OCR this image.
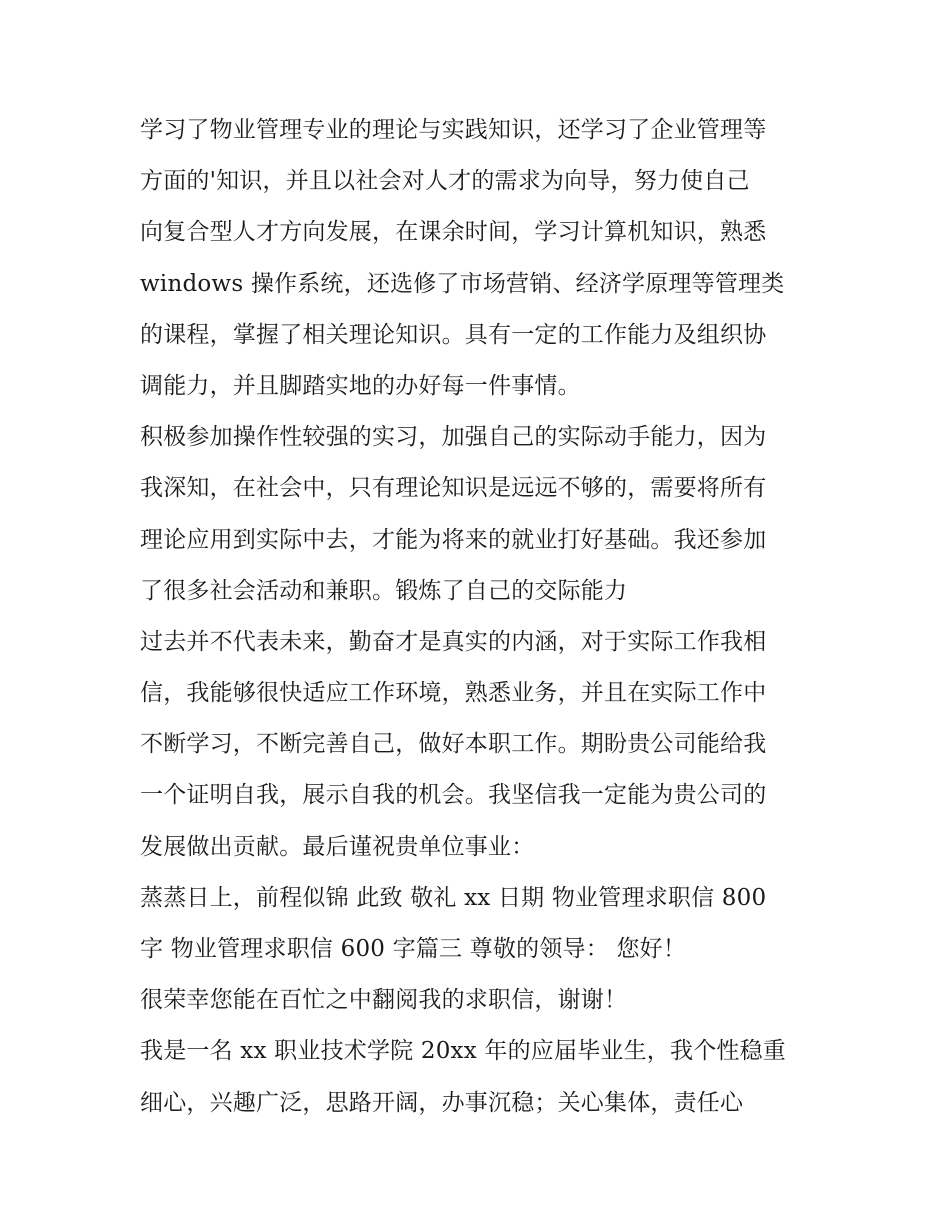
学习了物业管理专业的理论与实践知识，还学习了企业管理等
方面的'知识，并且以社会对人才的需求为向导，努力使自己
向复合型人才方向发展，在课余时间，学习计算机知识，熟悉
windows 操作系统，还选修了市场营销、经济学原理等管理类
的课程，掌握了相关理论知识。具有一定的工作能力及组织协
调能力，并且脚踏实地的办好每一件事情。
积极参加操作性较强的实习，加强自己的实际动手能力，因为
我深知，在社会中，只有理论知识是远远不够的，需要将所有
理论应用到实际中去，才能为将来的就业打好基础。我还参加
了很多社会活动和兼职。锻炼了自己的交际能力
过去并不代表未来，勤奋才是真实的内涵，对于实际工作我相
信，我能够很快适应工作环境，熟悉业务，并且在实际工作中
不断学习，不断完善自己，做好本职工作。期盼贵公司能给我
一个证明自我，展示自我的机会。我坚信我一定能为贵公司的
发展做出贡献。最后谨祝贵单位事业：
蒸蒸日上，前程似锦 此致 敬礼 xx 日期 物业管理求职信 800
字 物业管理求职信 600 字篇三 尊敬的领导： 您好！
很荣幸您能在百忙之中翻阅我的求职信，谢谢！
我是一名 xx 职业技术学院 20xx 年的应届毕业生，我个性稳重
细心，兴趣广泛，思路开阔，办事沉稳；关心集体，责任心
